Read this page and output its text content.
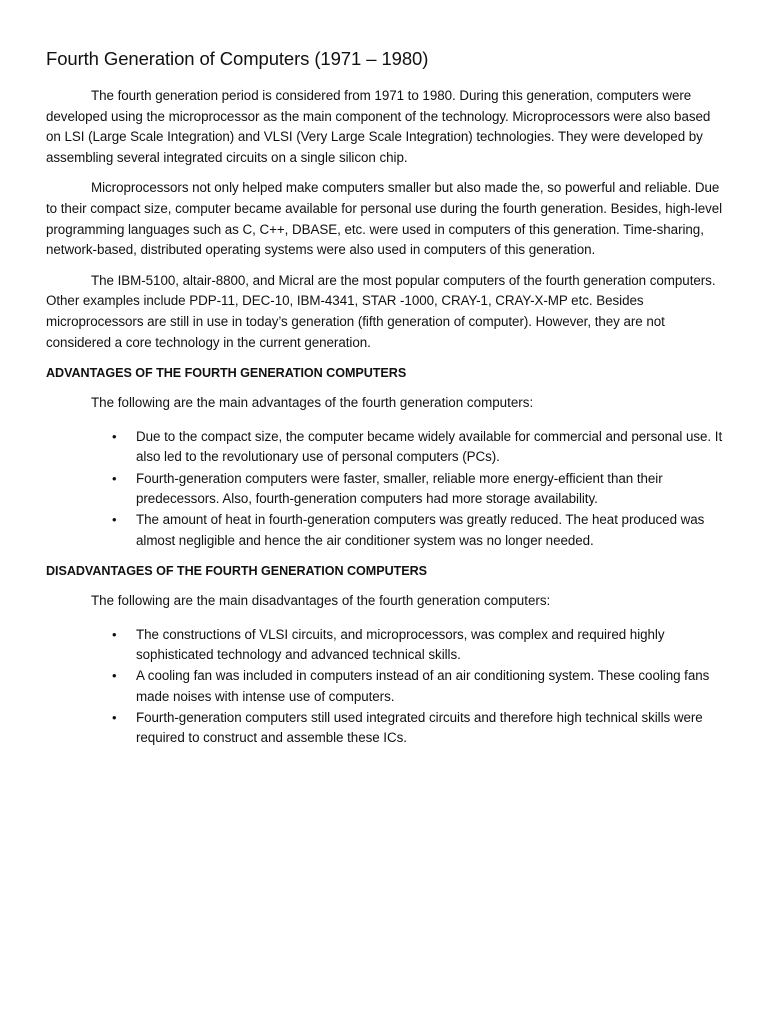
Fourth Generation of Computers (1971 – 1980)

The fourth generation period is considered from 1971 to 1980. During this generation, computers were developed using the microprocessor as the main component of the technology. Microprocessors were also based on LSI (Large Scale Integration) and VLSI (Very Large Scale Integration) technologies. They were developed by assembling several integrated circuits on a single silicon chip.

Microprocessors not only helped make computers smaller but also made the, so powerful and reliable. Due to their compact size, computer became available for personal use during the fourth generation. Besides, high-level programming languages such as C, C++, DBASE, etc. were used in computers of this generation. Time-sharing, network-based, distributed operating systems were also used in computers of this generation.

The IBM-5100, altair-8800, and Micral are the most popular computers of the fourth generation computers. Other examples include PDP-11, DEC-10, IBM-4341, STAR -1000, CRAY-1, CRAY-X-MP etc. Besides microprocessors are still in use in today’s generation (fifth generation of computer). However, they are not considered a core technology in the current generation.

ADVANTAGES OF THE FOURTH GENERATION COMPUTERS
The following are the main advantages of the fourth generation computers:
• Due to the compact size, the computer became widely available for commercial and personal use. It also led to the revolutionary use of personal computers (PCs).
• Fourth-generation computers were faster, smaller, reliable more energy-efficient than their predecessors. Also, fourth-generation computers had more storage availability.
• The amount of heat in fourth-generation computers was greatly reduced. The heat produced was almost negligible and hence the air conditioner system was no longer needed.
DISADVANTAGES OF THE FOURTH GENERATION COMPUTERS
The following are the main disadvantages of the fourth generation computers:
• The constructions of VLSI circuits, and microprocessors, was complex and required highly sophisticated technology and advanced technical skills.
• A cooling fan was included in computers instead of an air conditioning system. These cooling fans made noises with intense use of computers.
• Fourth-generation computers still used integrated circuits and therefore high technical skills were required to construct and assemble these ICs.
